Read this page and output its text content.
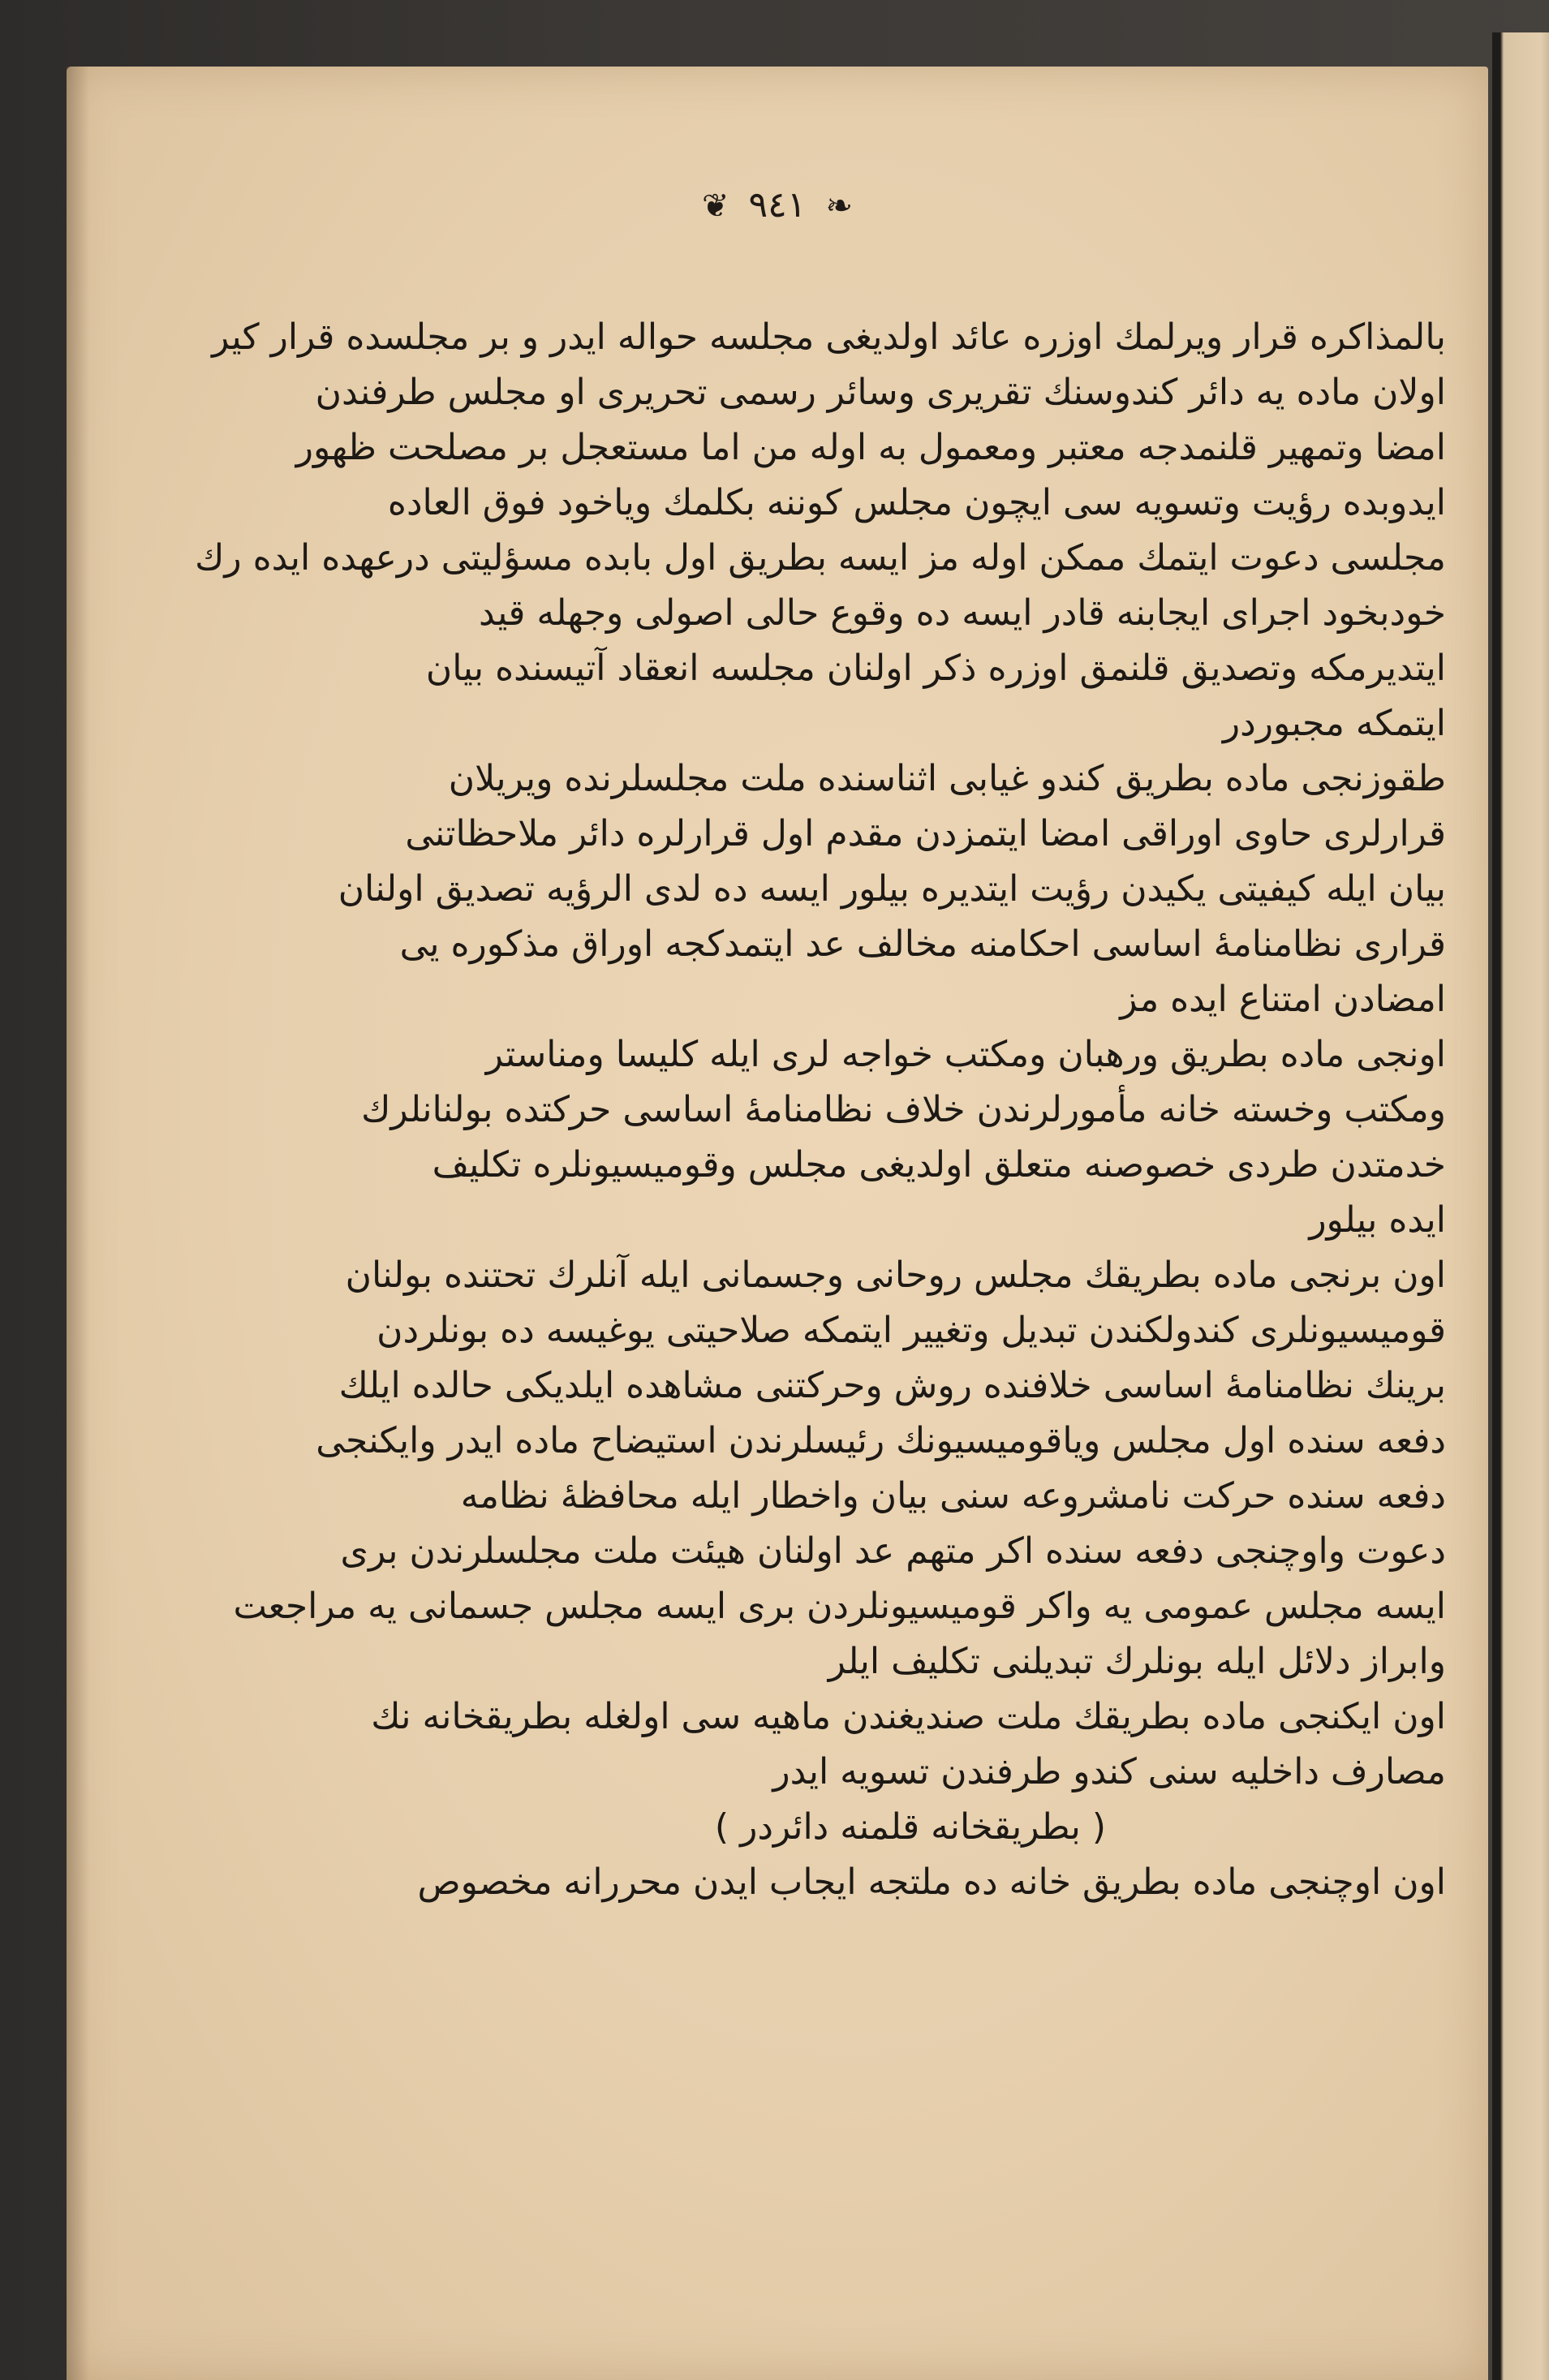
❦ ٩٤١ ❧
بالمذاكره قرار ویرلمك اوزره عائد اولدیغی مجلسه حواله ایدر و بر مجلسده قرار کیر
اولان ماده یه دائر کندوسنك تقریری وسائر رسمی تحریری او مجلس طرفندن
امضا وتمهیر قلنمدجه معتبر ومعمول به اوله من اما مستعجل بر مصلحت ظهور
ایدوبده رؤیت وتسویه سی ایچون مجلس کوننه بکلمك ویاخود فوق العاده
مجلسی دعوت ایتمك ممکن اوله مز ایسه بطریق اول بابده مسؤلیتی درعهده ایده رك
خودبخود اجرای ایجابنه قادر ایسه ده وقوع حالی اصولی وجهله قید
ایتدیرمکه وتصدیق قلنمق اوزره ذکر اولنان مجلسه انعقاد آتیسنده بیان
ایتمکه مجبوردر
طقوزنجی ماده بطریق کندو غیابی اثناسنده ملت مجلسلرنده ویریلان
قرارلری حاوی اوراقی امضا ایتمزدن مقدم اول قرارلره دائر ملاحظاتنی
بیان ایله کیفیتی یکیدن رؤیت ایتدیره بیلور ایسه ده لدی الرؤیه تصدیق اولنان
قراری نظامنامهٔ اساسی احکامنه مخالف عد ایتمدکجه اوراق مذکوره یی
امضادن امتناع ایده مز
اونجی ماده بطریق ورهبان ومکتب خواجه لری ایله کلیسا ومناستر
ومکتب وخسته خانه مأمورلرندن خلاف نظامنامهٔ اساسی حرکتده بولنانلرك
خدمتدن طردی خصوصنه متعلق اولدیغی مجلس وقومیسیونلره تکلیف
ایده بیلور
اون برنجی ماده بطریقك مجلس روحانی وجسمانی ایله آنلرك تحتنده بولنان
قومیسیونلری کندولکندن تبدیل وتغییر ایتمکه صلاحیتی یوغیسه ده بونلردن
برینك نظامنامهٔ اساسی خلافنده روش وحرکتنی مشاهده ایلدیکی حالده ایلك
دفعه سنده اول مجلس ویاقومیسیونك رئیسلرندن استیضاح ماده ایدر وایکنجی
دفعه سنده حرکت نامشروعه سنی بیان واخطار ایله محافظهٔ نظامه
دعوت واوچنجی دفعه سنده اکر متهم عد اولنان هیئت ملت مجلسلرندن بری
ایسه مجلس عمومی یه واکر قومیسیونلردن بری ایسه مجلس جسمانی یه مراجعت
وابراز دلائل ایله بونلرك تبدیلنی تکلیف ایلر
اون ایکنجی ماده بطریقك ملت صندیغندن ماهیه سی اولغله بطریقخانه نك
مصارف داخلیه سنی کندو طرفندن تسویه ایدر
( بطریقخانه قلمنه دائردر )
اون اوچنجی ماده بطریق خانه ده ملتجه ایجاب ایدن محررانه مخصوص
